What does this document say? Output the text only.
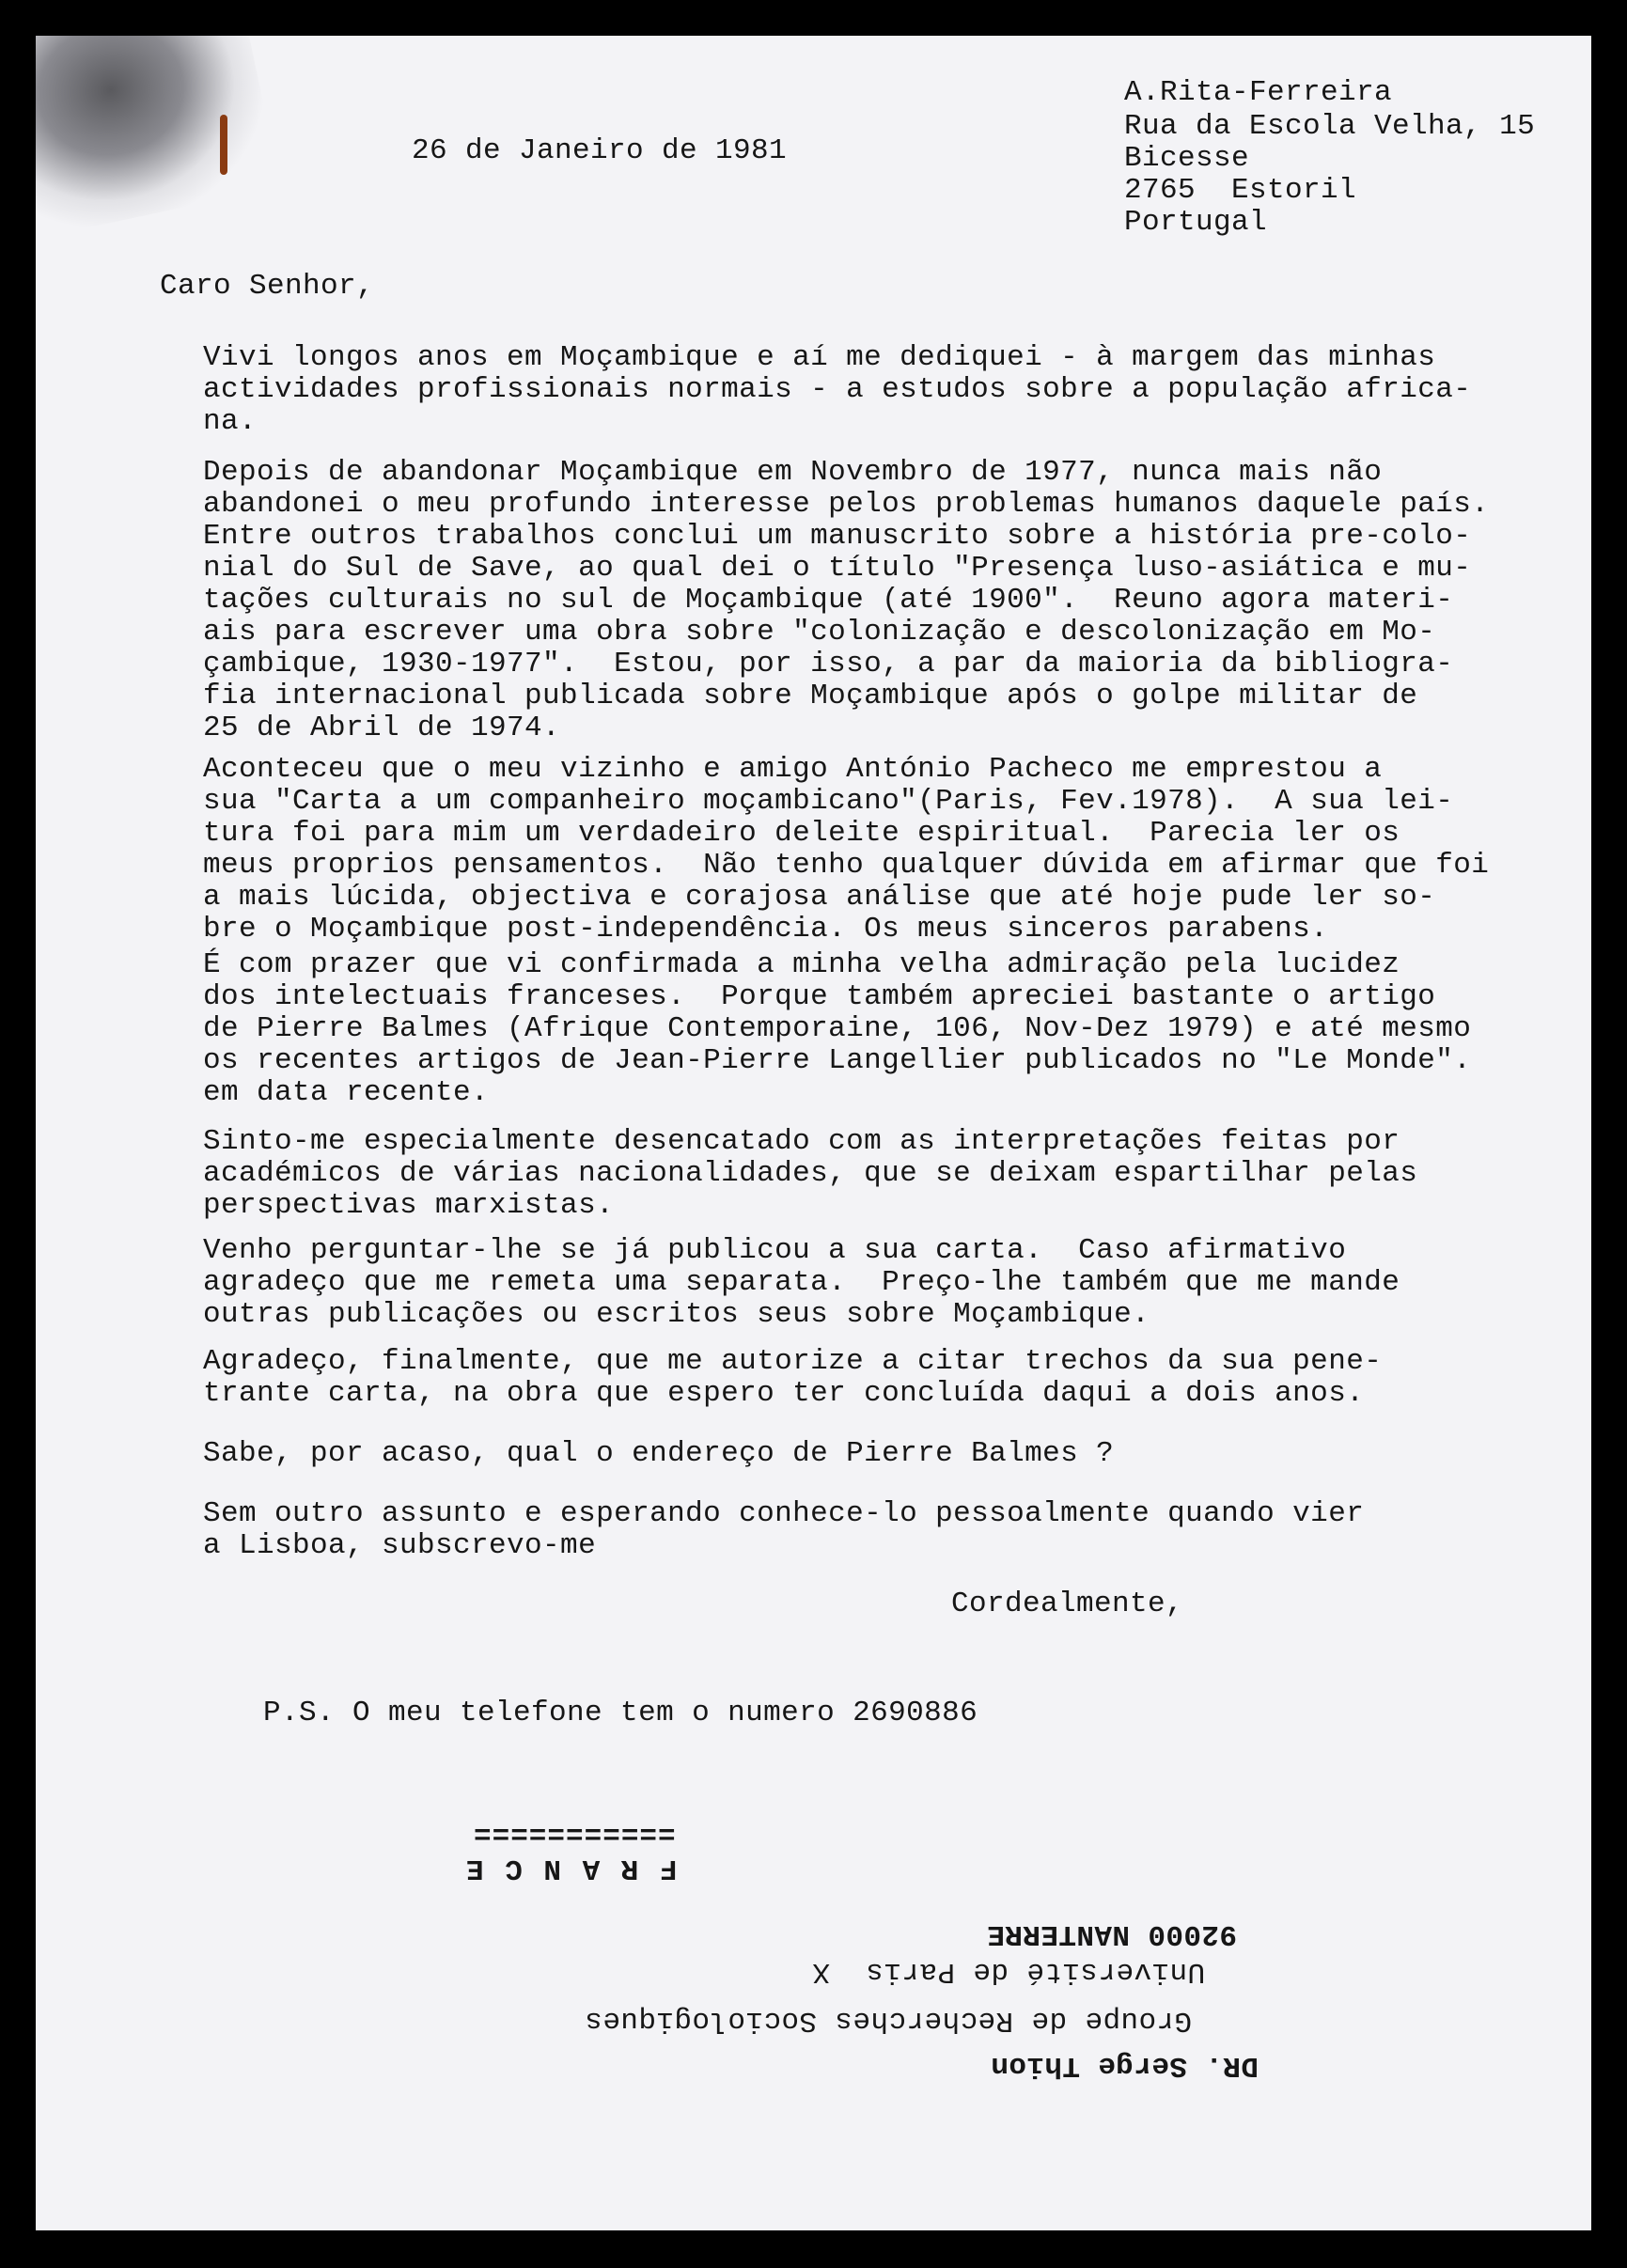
A.Rita-Ferreira
Rua da Escola Velha, 15
Bicesse
2765  Estoril
Portugal
26 de Janeiro de 1981
Caro Senhor,
Vivi longos anos em Moçambique e aí me dediquei - à margem das minhas
actividades profissionais normais - a estudos sobre a população africa-
na.
Depois de abandonar Moçambique em Novembro de 1977, nunca mais não
abandonei o meu profundo interesse pelos problemas humanos daquele país.
Entre outros trabalhos conclui um manuscrito sobre a história pre-colo-
nial do Sul de Save, ao qual dei o título "Presença luso-asiática e mu-
tações culturais no sul de Moçambique (até 1900".  Reuno agora materi-
ais para escrever uma obra sobre "colonização e descolonização em Mo-
çambique, 1930-1977".  Estou, por isso, a par da maioria da bibliogra-
fia internacional publicada sobre Moçambique após o golpe militar de
25 de Abril de 1974.
Aconteceu que o meu vizinho e amigo António Pacheco me emprestou a
sua "Carta a um companheiro moçambicano"(Paris, Fev.1978).  A sua lei-
tura foi para mim um verdadeiro deleite espiritual.  Parecia ler os
meus proprios pensamentos.  Não tenho qualquer dúvida em afirmar que foi
a mais lúcida, objectiva e corajosa análise que até hoje pude ler so-
bre o Moçambique post-independência. Os meus sinceros parabens.
É com prazer que vi confirmada a minha velha admiração pela lucidez
dos intelectuais franceses.  Porque também apreciei bastante o artigo
de Pierre Balmes (Afrique Contemporaine, 106, Nov-Dez 1979) e até mesmo
os recentes artigos de Jean-Pierre Langellier publicados no "Le Monde".
em data recente.
Sinto-me especialmente desencatado com as interpretações feitas por
académicos de várias nacionalidades, que se deixam espartilhar pelas
perspectivas marxistas.
Venho perguntar-lhe se já publicou a sua carta.  Caso afirmativo
agradeço que me remeta uma separata.  Preço-lhe também que me mande
outras publicações ou escritos seus sobre Moçambique.
Agradeço, finalmente, que me autorize a citar trechos da sua pene-
trante carta, na obra que espero ter concluída daqui a dois anos.
Sabe, por acaso, qual o endereço de Pierre Balmes ?
Sem outro assunto e esperando conhece-lo pessoalmente quando vier
a Lisboa, subscrevo-me
Cordealmente,
P.S. O meu telefone tem o numero 2690886
===========
F R A N C E
92000 NANTERRE
Université de Paris  X
Groupe de Recherches Sociologiques
DR. Serge Thion
